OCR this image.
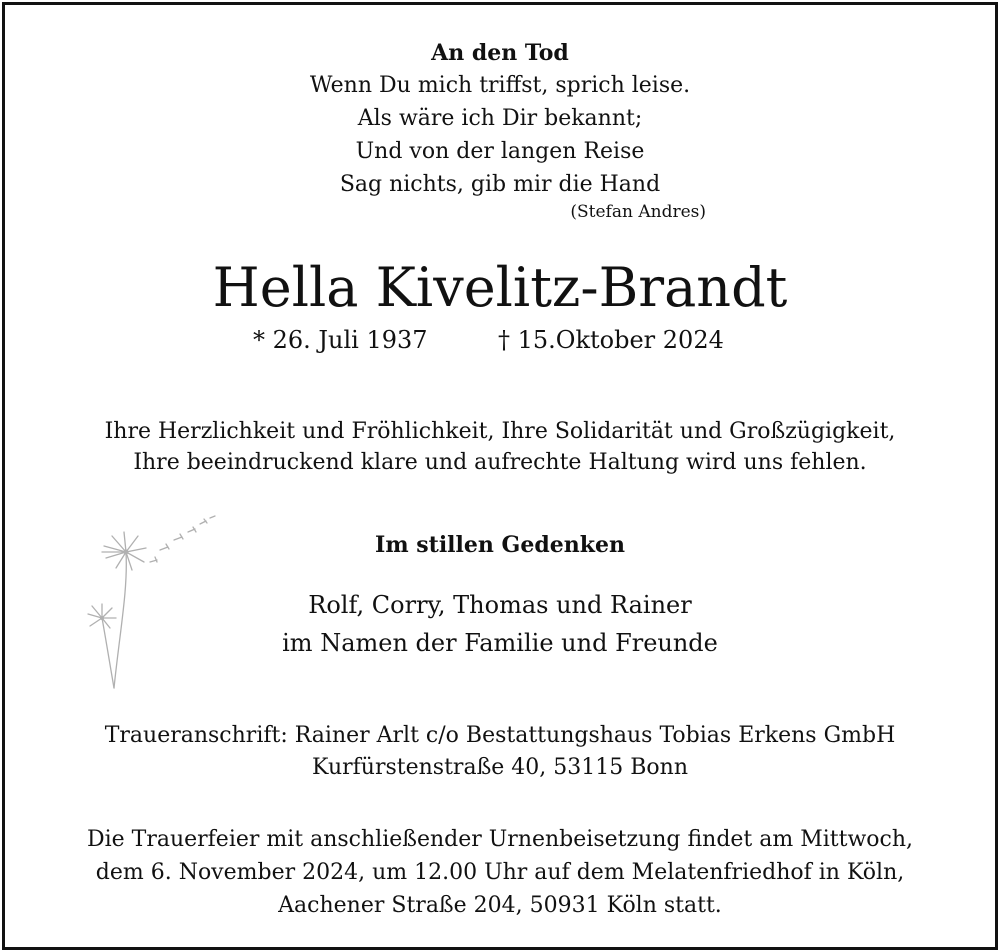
An den Tod
Wenn Du mich triffst, sprich leise.
Als wäre ich Dir bekannt;
Und von der langen Reise
Sag nichts, gib mir die Hand
(Stefan Andres)
Hella Kivelitz-Brandt
* 26. Juli 1937	† 15.Oktober 2024
Ihre Herzlichkeit und Fröhlichkeit, Ihre Solidarität und Großzügigkeit,
Ihre beeindruckend klare und aufrechte Haltung wird uns fehlen.
Im stillen Gedenken
Rolf, Corry, Thomas und Rainer
im Namen der Familie und Freunde
Traueranschrift: Rainer Arlt c/o Bestattungshaus Tobias Erkens GmbH
Kurfürstenstraße 40, 53115 Bonn
Die Trauerfeier mit anschließender Urnenbeisetzung findet am Mittwoch,
dem 6. November 2024, um 12.00 Uhr auf dem Melatenfriedhof in Köln,
Aachener Straße 204, 50931 Köln statt.
